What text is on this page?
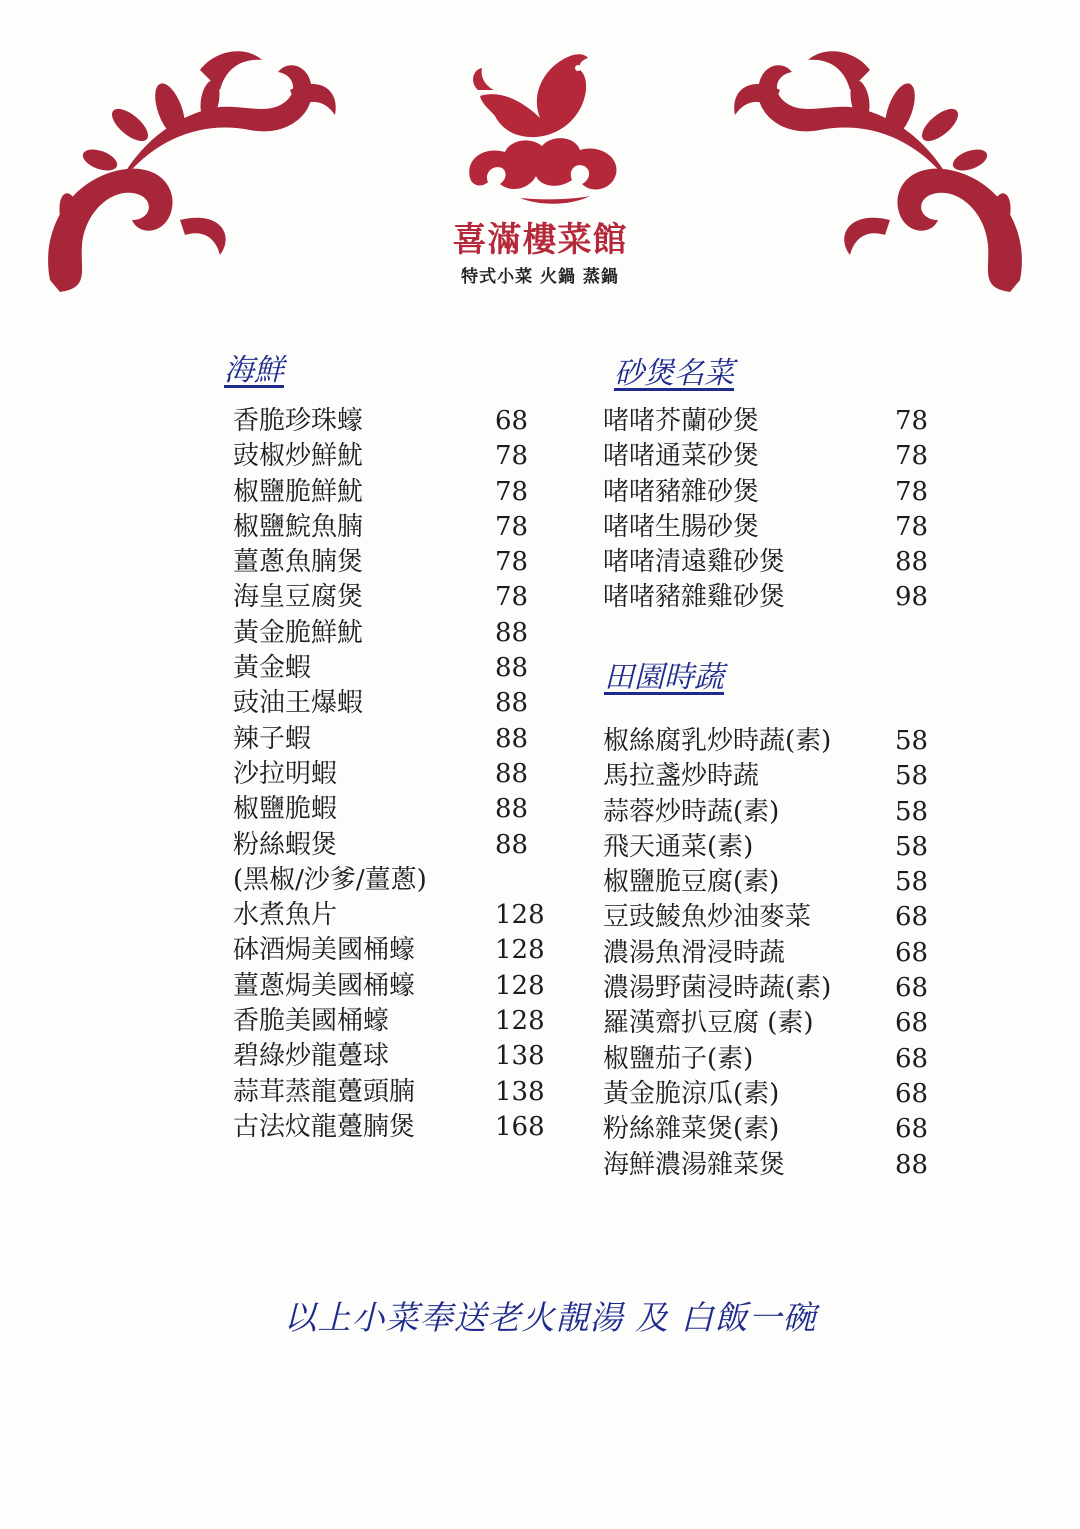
喜滿樓菜館
特式小菜 火鍋 蒸鍋
海鮮	砂煲名菜
田園時蔬
香脆珍珠蠔	68
豉椒炒鮮魷	78
椒鹽脆鮮魷	78
椒鹽鯇魚腩	78
薑蔥魚腩煲	78
海皇豆腐煲	78
黃金脆鮮魷	88
黃金蝦	88
豉油王爆蝦	88
辣子蝦	88
沙拉明蝦	88
椒鹽脆蝦	88
粉絲蝦煲	88
(黑椒/沙爹/薑蔥)
水煮魚片	128
砵酒焗美國桶蠔	128
薑蔥焗美國桶蠔	128
香脆美國桶蠔	128
碧綠炒龍躉球	138
蒜茸蒸龍躉頭腩	138
古法炆龍躉腩煲	168
啫啫芥蘭砂煲	78
啫啫通菜砂煲	78
啫啫豬雜砂煲	78
啫啫生腸砂煲	78
啫啫清遠雞砂煲	88
啫啫豬雜雞砂煲	98
椒絲腐乳炒時蔬(素) 58
馬拉盞炒時蔬	58
蒜蓉炒時蔬(素)	58
飛天通菜(素)	58
椒鹽脆豆腐(素)	58
豆豉鯪魚炒油麥菜	68
濃湯魚滑浸時蔬	68
濃湯野菌浸時蔬(素) 68
羅漢齋扒豆腐 (素)	68
椒鹽茄子(素)	68
黃金脆涼瓜(素)	68
粉絲雜菜煲(素)	68
海鮮濃湯雜菜煲	88
以上小菜奉送老火靚湯 及 白飯一碗
